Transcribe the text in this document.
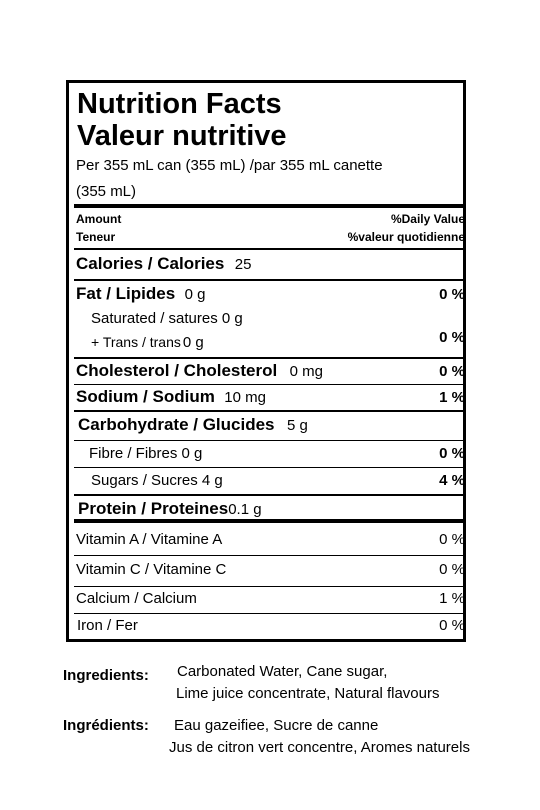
Nutrition Facts
Valeur nutritive
Per 355 mL can (355 mL) /par 355 mL canette
(355 mL)
Amount
Teneur
%Daily Value
%valeur quotidienne
Calories / Calories 25
Fat / Lipides 0 g	0 %
Saturated / satures 0 g
+ Trans / trans 0 g	0 %
Cholesterol / Cholesterol 0 mg	0 %
Sodium / Sodium 10 mg	1 %
Carbohydrate / Glucides 5 g
Fibre / Fibres 0 g	0 %
Sugars / Sucres 4 g	4 %
Protein / Proteines0.1 g
Vitamin A / Vitamine A	0 %
Vitamin C / Vitamine C	0 %
Calcium / Calcium	1 %
Iron / Fer	0 %
Ingredients: Carbonated Water, Cane sugar,
Lime juice concentrate, Natural flavours
Ingrédients: Eau gazeifiee, Sucre de canne
Jus de citron vert concentre, Aromes naturels
